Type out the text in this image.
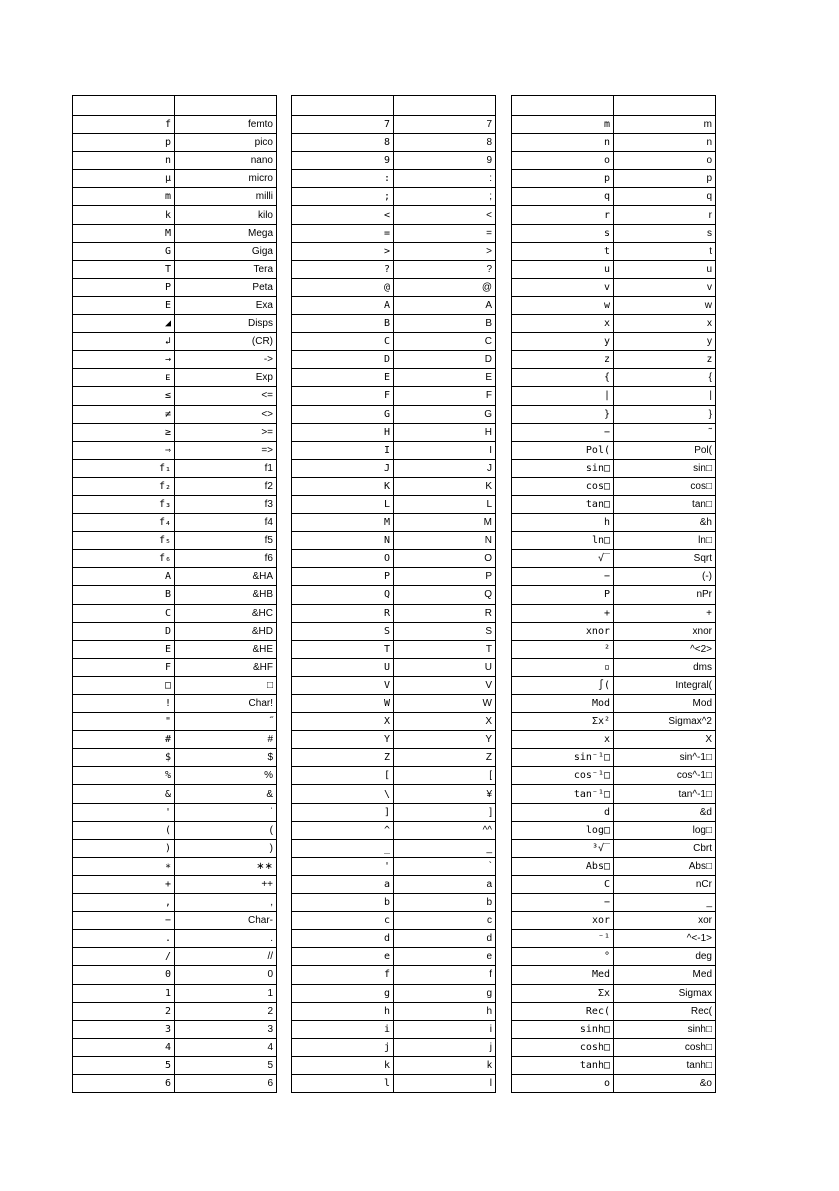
f	femto
p	pico
n	nano
μ	micro
m	milli
k	kilo
M	Mega
G	Giga
T	Tera
P	Peta
E	Exa
◢	Disps
↲	(CR)
→	->
ᴇ	Exp
≤	<=
≠	<>
≥	>=
⇒	=>
f₁	f1
f₂	f2
f₃	f3
f₄	f4
f₅	f5
f₆	f6
A	&HA
B	&HB
C	&HC
D	&HD
E	&HE
F	&HF
□	□
!	Char!
"	˝
#	#
$	$
%	%
&	&
'	ˈ
(	(
)	)
∗	∗∗
+	++
,	,
−	Char-
.	.
/	//
0	0
1	1
2	2
3	3
4	4
5	5
6	6

7	7
8	8
9	9
:	:
;	;
<	<
=	=
>	>
?	?
@	@
A	A
B	B
C	C
D	D
E	E
F	F
G	G
H	H
I	I
J	J
K	K
L	L
M	M
N	N
O	O
P	P
Q	Q
R	R
S	S
T	T
U	U
V	V
W	W
X	X
Y	Y
Z	Z
[	[
\	¥
]	]
^	^^
_	_
'	`
a	a
b	b
c	c
d	d
e	e
f	f
g	g
h	h
i	i
j	j
k	k
l	l

m	m
n	n
o	o
p	p
q	q
r	r
s	s
t	t
u	u
v	v
w	w
x	x
y	y
z	z
{	{
|	|
}	}
−	˜
Pol(	Pol(
sin□	sin□
cos□	cos□
tan□	tan□
h	&h
ln□	ln□
√‾	Sqrt
−	(-)
P	nPr
+	+
xnor	xnor
²	^<2>
▫	dms
∫(	Integral(
Mod	Mod
Σx²	Sigmax^2
x	X
sin⁻¹□	sin^-1□
cos⁻¹□	cos^-1□
tan⁻¹□	tan^-1□
d	&d
log□	log□
³√‾	Cbrt
Abs□	Abs□
C	nCr
−	_
xor	xor
⁻¹	^<-1>
°	deg
Med	Med
Σx	Sigmax
Rec(	Rec(
sinh□	sinh□
cosh□	cosh□
tanh□	tanh□
o	&o
